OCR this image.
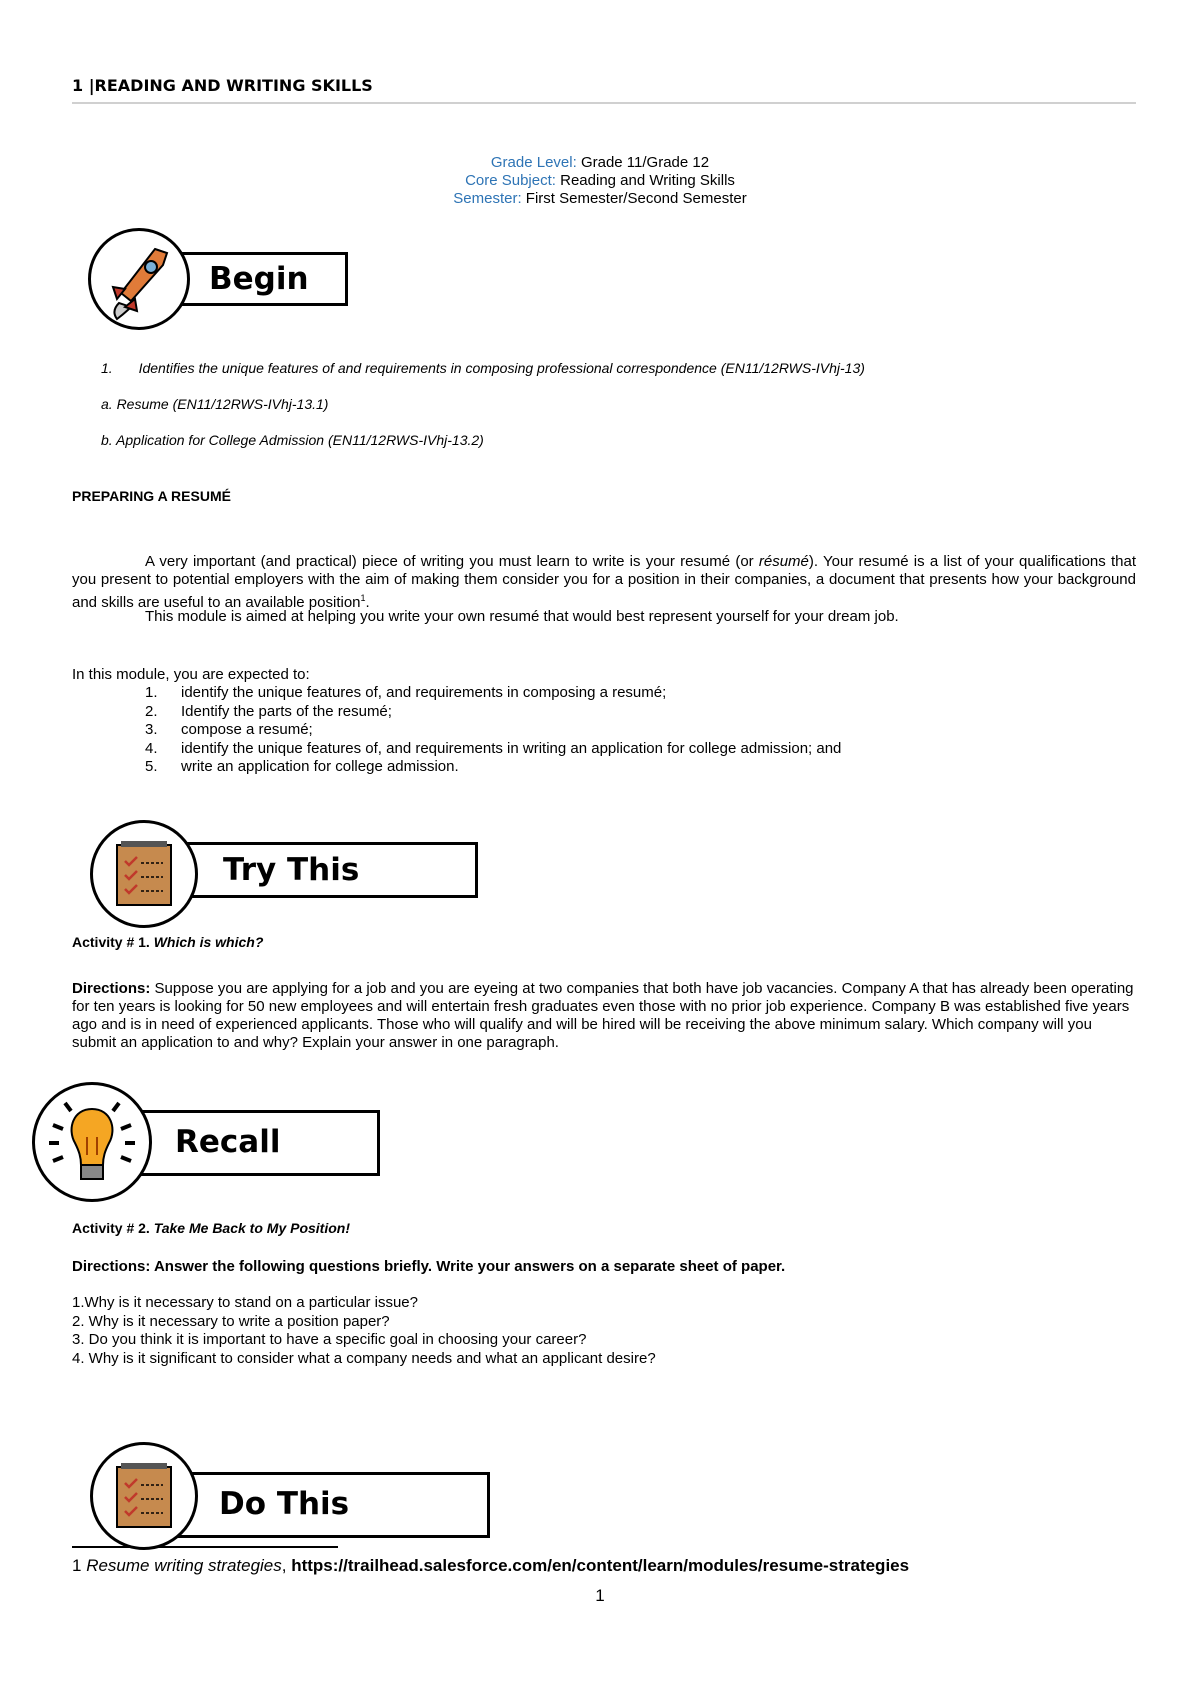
1 |READING AND WRITING SKILLS
Grade Level: Grade 11/Grade 12
Core Subject: Reading and Writing Skills
Semester: First Semester/Second Semester
Begin
1. Identifies the unique features of and requirements in composing professional correspondence (EN11/12RWS-IVhj-13)
a. Resume (EN11/12RWS-IVhj-13.1)
b. Application for College Admission (EN11/12RWS-IVhj-13.2)
PREPARING A RESUMÉ
A very important (and practical) piece of writing you must learn to write is your resumé (or résumé). Your resumé is a list of your qualifications that you present to potential employers with the aim of making them consider you for a position in their companies, a document that presents how your background and skills are useful to an available position$^1$.
This module is aimed at helping you write your own resumé that would best represent yourself for your dream job.
In this module, you are expected to:
1. identify the unique features of, and requirements in composing a resumé;
2. Identify the parts of the resumé;
3. compose a resumé;
4. identify the unique features of, and requirements in writing an application for college admission; and
5. write an application for college admission.
Try This
Activity # 1. Which is which?
Directions: Suppose you are applying for a job and you are eyeing at two companies that both have job vacancies. Company A that has already been operating for ten years is looking for 50 new employees and will entertain fresh graduates even those with no prior job experience. Company B was established five years ago and is in need of experienced applicants. Those who will qualify and will be hired will be receiving the above minimum salary. Which company will you submit an application to and why? Explain your answer in one paragraph.
Recall
Activity # 2. Take Me Back to My Position!
Directions: Answer the following questions briefly. Write your answers on a separate sheet of paper.
1.Why is it necessary to stand on a particular issue?
2. Why is it necessary to write a position paper?
3. Do you think it is important to have a specific goal in choosing your career?
4. Why is it significant to consider what a company needs and what an applicant desire?
Do This
1 Resume writing strategies, https://trailhead.salesforce.com/en/content/learn/modules/resume-strategies
1
